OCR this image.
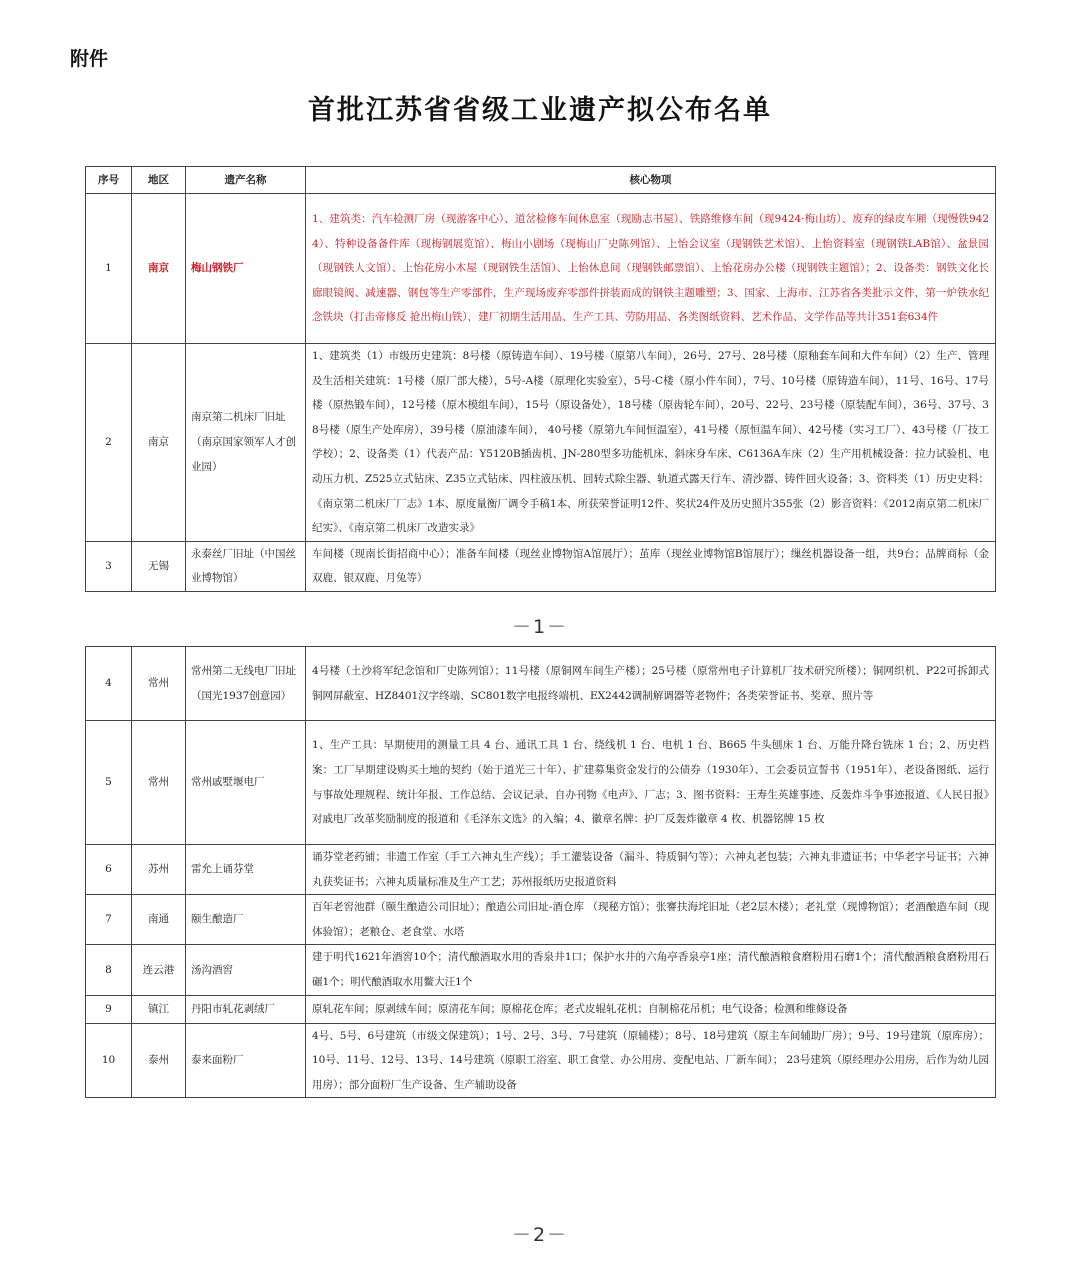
附件
首批江苏省省级工业遗产拟公布名单
序号	地区	遗产名称	核心物项
1	南京	梅山钢铁厂	1、建筑类：汽车检测厂房（现游客中心）、道岔检修车间休息室（现励志书屋）、铁路维修车间（现9424·梅山坊）、废弃的绿皮车厢（现慢铁9424）、特种设备备件库（现梅钢展览馆）、梅山小剧场（现梅山厂史陈列馆）、上怡会议室（现钢铁艺术馆）、上怡资料室（现钢铁LAB馆）、盆景园（现钢铁人文馆）、上怡花房小木屋（现钢铁生活馆）、上怡休息间（现钢铁邮票馆）、上怡花房办公楼（现钢铁主题馆）；2、设备类：钢铁文化长廊眼镜阀、减速器、钢包等生产零部件，生产现场废弃零部件拼装而成的钢铁主题雕塑；3、国家、上海市、江苏省各类批示文件，第一炉铁水纪念铁块（打击帝修反 抢出梅山铁），建厂初期生活用品、生产工具、劳防用品、各类图纸资料、艺术作品、文学作品等共计351套634件
2	南京	南京第二机床厂旧址（南京国家领军人才创业园）	1、建筑类（1）市级历史建筑：8号楼（原铸造车间）、19号楼（原第八车间），26号、27号、28号楼（原釉套车间和大件车间）（2）生产、管理及生活相关建筑：1号楼（原厂部大楼），5号-A楼（原理化实验室），5号-C楼（原小件车间），7号、10号楼（原铸造车间），11号、16号、17号楼（原热锻车间），12号楼（原木模组车间），15号（原设备处），18号楼（原齿轮车间），20号、22号、23号楼（原装配车间），36号、37号、38号楼（原生产处库房），39号楼（原油漆车间）， 40号楼（原第九车间恒温室），41号楼（原恒温车间）、42号楼（实习工厂）、43号楼（厂技工学校）；2、设备类（1）代表产品：Y5120B插齿机、JN-280型多功能机床、斜床身车床、C6136A车床（2）生产用机械设备：拉力试验机、电动压力机、Z525立式钻床、Z35立式钻床、四柱液压机、回转式除尘器、轨道式露天行车、清沙器、铸件回火设备；3、资料类（1）历史史料：《南京第二机床厂厂志》1本、原度量衡厂调令手稿1本、所获荣誉证明12件、奖状24件及历史照片355张（2）影音资料：《2012南京第二机床厂纪实》、《南京第二机床厂改造实录》
3	无锡	永泰丝厂旧址（中国丝业博物馆）	车间楼（现南长街招商中心）；准备车间楼（现丝业博物馆A馆展厅）；茧库（现丝业博物馆B馆展厅）；缫丝机器设备一组，共9台；品牌商标（金双鹿、银双鹿、月兔等）
－1－
4	常州	常州第二无线电厂旧址（国光1937创意园）	4号楼（土沙将军纪念馆和厂史陈列馆）；11号楼（原铜网车间生产楼）；25号楼（原常州电子计算机厂技术研究所楼）；铜网织机、P22可拆卸式铜网屏蔽室、HZ8401汉字终端、SC801数字电报终端机、EX2442调制解调器等老物件；各类荣誉证书、奖章、照片等
5	常州	常州戚墅堰电厂	1、生产工具：早期使用的测量工具 4 台、通讯工具 1 台、绕线机 1 台、电机 1 台、B665 牛头刨床 1 台、万能升降台铣床 1 台；2、历史档案：工厂早期建设购买土地的契约（始于道光三十年）、扩建募集资金发行的公债券（1930年）、工会委员宣誓书（1951年）、老设备图纸、运行与事故处理规程、统计年报、工作总结、会议记录、自办刊物《电声》、厂志；3、图书资料：王寿生英雄事迹、反轰炸斗争事迹报道、《人民日报》对戚电厂改革奖励制度的报道和《毛泽东文选》的入编；4、徽章名牌：护厂反轰炸徽章 4 枚、机器铭牌 15 枚
6	苏州	雷允上诵芬堂	诵芬堂老药铺；非遗工作室（手工六神丸生产线）；手工灌装设备（漏斗、特质铜勺等）；六神丸老包装；六神丸非遗证书；中华老字号证书；六神丸获奖证书；六神丸质量标准及生产工艺；苏州报纸历史报道资料
7	南通	颐生酿造厂	百年老窖池群（颐生酿造公司旧址）；酿造公司旧址-酒仓库 （现秘方馆）；张謇扶海垞旧址（老2层木楼）；老礼堂（现博物馆）；老酒酿造车间（现体验馆）；老粮仓、老食堂、水塔
8	连云港	汤沟酒窖	建于明代1621年酒窖10个；清代酿酒取水用的香泉井1口；保护水井的六角亭香泉亭1座；清代酿酒粮食磨粉用石磨1个；清代酿酒粮食磨粉用石碾1个；明代酿酒取水用鳖大汪1个
9	镇江	丹阳市轧花剥绒厂	原轧花车间；原剥绒车间；原清花车间；原棉花仓库；老式皮辊轧花机；自制棉花吊机；电气设备；检测和维修设备
10	泰州	泰来面粉厂	4号、5号、6号建筑（市级文保建筑）；1号、2号、3号、7号建筑（原辅楼）；8号、18号建筑（原主车间辅助厂房）；9号、19号建筑（原库房）；10号、11号、12号、13号、14号建筑（原职工浴室、职工食堂、办公用房、变配电站、厂新车间）； 23号建筑（原经理办公用房，后作为幼儿园用房）；部分面粉厂生产设备、生产辅助设备
－2－
